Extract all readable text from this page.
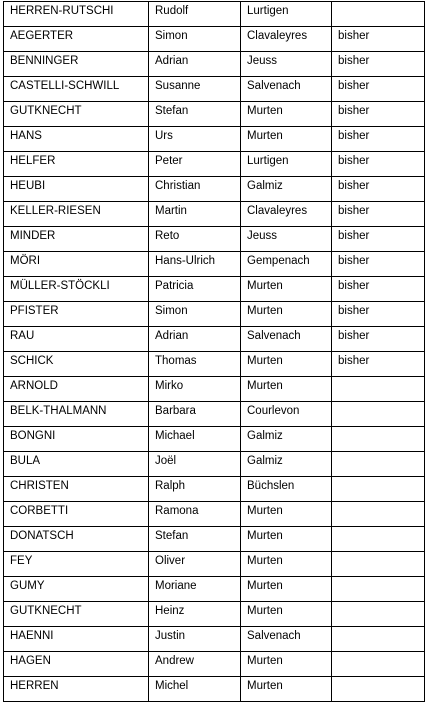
HERREN-RUTSCHI	Rudolf	Lurtigen	
AEGERTER	Simon	Clavaleyres	bisher
BENNINGER	Adrian	Jeuss	bisher
CASTELLI-SCHWILL	Susanne	Salvenach	bisher
GUTKNECHT	Stefan	Murten	bisher
HANS	Urs	Murten	bisher
HELFER	Peter	Lurtigen	bisher
HEUBI	Christian	Galmiz	bisher
KELLER-RIESEN	Martin	Clavaleyres	bisher
MINDER	Reto	Jeuss	bisher
MÖRI	Hans-Ulrich	Gempenach	bisher
MÜLLER-STÖCKLI	Patricia	Murten	bisher
PFISTER	Simon	Murten	bisher
RAU	Adrian	Salvenach	bisher
SCHICK	Thomas	Murten	bisher
ARNOLD	Mirko	Murten	
BELK-THALMANN	Barbara	Courlevon	
BONGNI	Michael	Galmiz	
BULA	Joël	Galmiz	
CHRISTEN	Ralph	Büchslen	
CORBETTI	Ramona	Murten	
DONATSCH	Stefan	Murten	
FEY	Oliver	Murten	
GUMY	Moriane	Murten	
GUTKNECHT	Heinz	Murten	
HAENNI	Justin	Salvenach	
HAGEN	Andrew	Murten	
HERREN	Michel	Murten	
